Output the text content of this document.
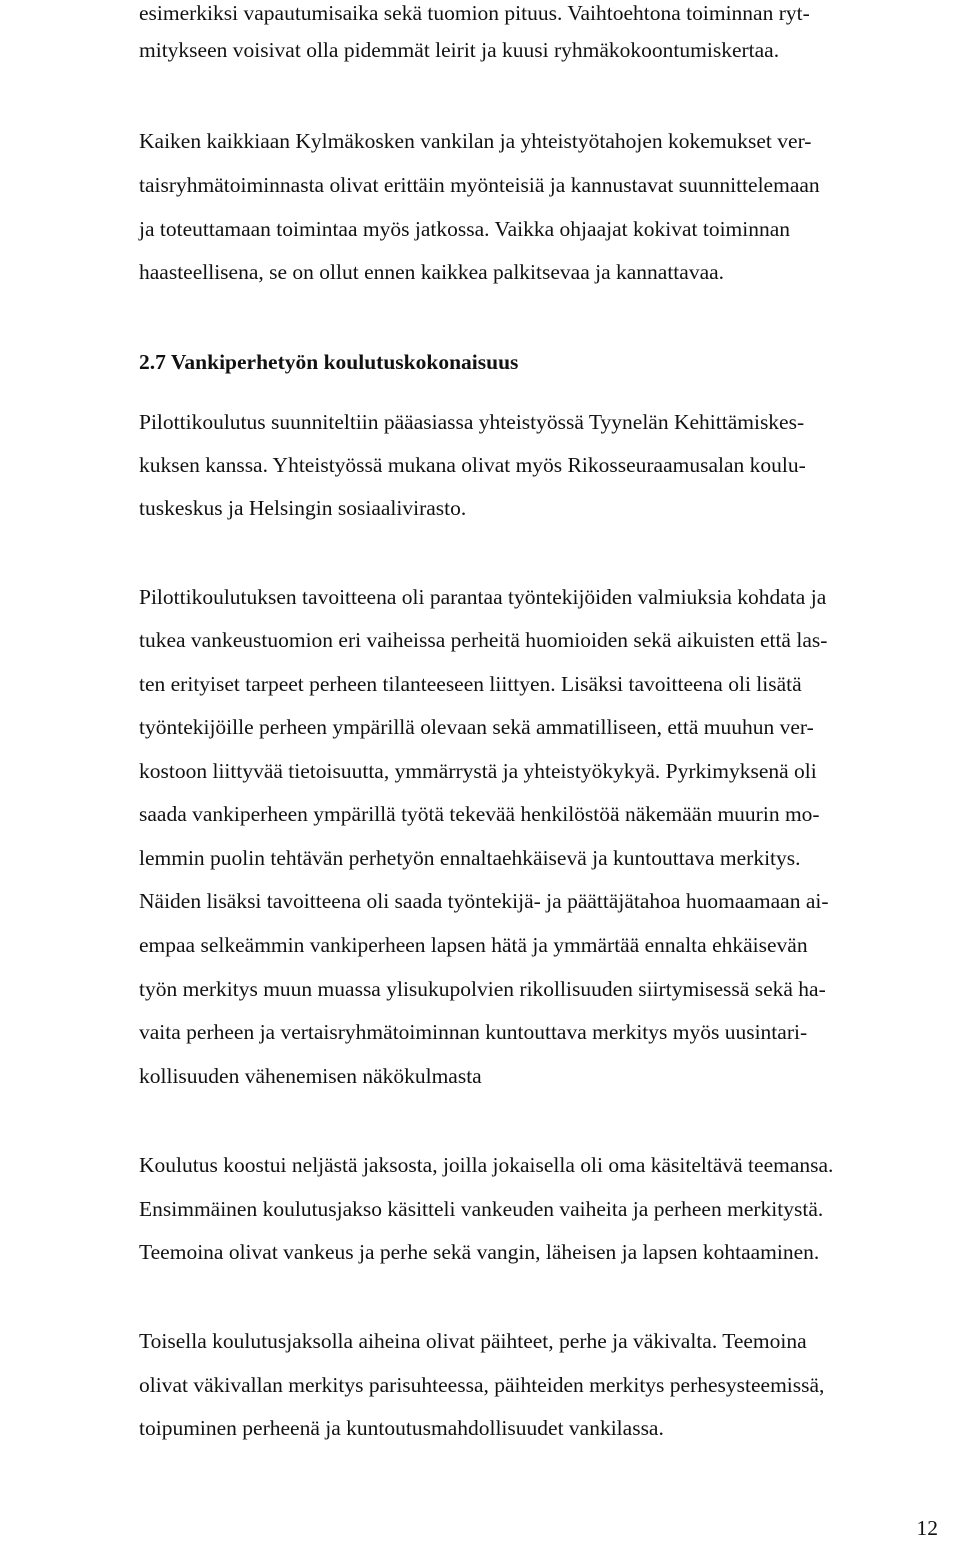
esimerkiksi vapautumisaika sekä tuomion pituus. Vaihtoehtona toiminnan ryt-
mitykseen voisivat olla pidemmät leirit ja kuusi ryhmäkokoontumiskertaa.
Kaiken kaikkiaan Kylmäkosken vankilan ja yhteistyötahojen kokemukset ver-
taisryhmätoiminnasta olivat erittäin myönteisiä ja kannustavat suunnittelemaan
ja toteuttamaan toimintaa myös jatkossa. Vaikka ohjaajat kokivat toiminnan
haasteellisena, se on ollut ennen kaikkea palkitsevaa ja kannattavaa.
2.7 Vankiperhetyön koulutuskokonaisuus
Pilottikoulutus suunniteltiin pääasiassa yhteistyössä Tyynelän Kehittämiskes-
kuksen kanssa. Yhteistyössä mukana olivat myös Rikosseuraamusalan koulu-
tuskeskus ja Helsingin sosiaalivirasto.
Pilottikoulutuksen tavoitteena oli parantaa työntekijöiden valmiuksia kohdata ja
tukea vankeustuomion eri vaiheissa perheitä huomioiden sekä aikuisten että las-
ten erityiset tarpeet perheen tilanteeseen liittyen. Lisäksi tavoitteena oli lisätä
työntekijöille perheen ympärillä olevaan sekä ammatilliseen, että muuhun ver-
kostoon liittyvää tietoisuutta, ymmärrystä ja yhteistyökykyä. Pyrkimyksenä oli
saada vankiperheen ympärillä työtä tekevää henkilöstöä näkemään muurin mo-
lemmin puolin tehtävän perhetyön ennaltaehkäisevä ja kuntouttava merkitys.
Näiden lisäksi tavoitteena oli saada työntekijä- ja päättäjätahoa huomaamaan ai-
empaa selkeämmin vankiperheen lapsen hätä ja ymmärtää ennalta ehkäisevän
työn merkitys muun muassa ylisukupolvien rikollisuuden siirtymisessä sekä ha-
vaita perheen ja vertaisryhmätoiminnan kuntouttava merkitys myös uusintari-
kollisuuden vähenemisen näkökulmasta
Koulutus koostui neljästä jaksosta, joilla jokaisella oli oma käsiteltävä teemansa.
Ensimmäinen koulutusjakso käsitteli vankeuden vaiheita ja perheen merkitystä.
Teemoina olivat vankeus ja perhe sekä vangin, läheisen ja lapsen kohtaaminen.
Toisella koulutusjaksolla aiheina olivat päihteet, perhe ja väkivalta. Teemoina
olivat väkivallan merkitys parisuhteessa, päihteiden merkitys perhesysteemissä,
toipuminen perheenä ja kuntoutusmahdollisuudet vankilassa.
12
